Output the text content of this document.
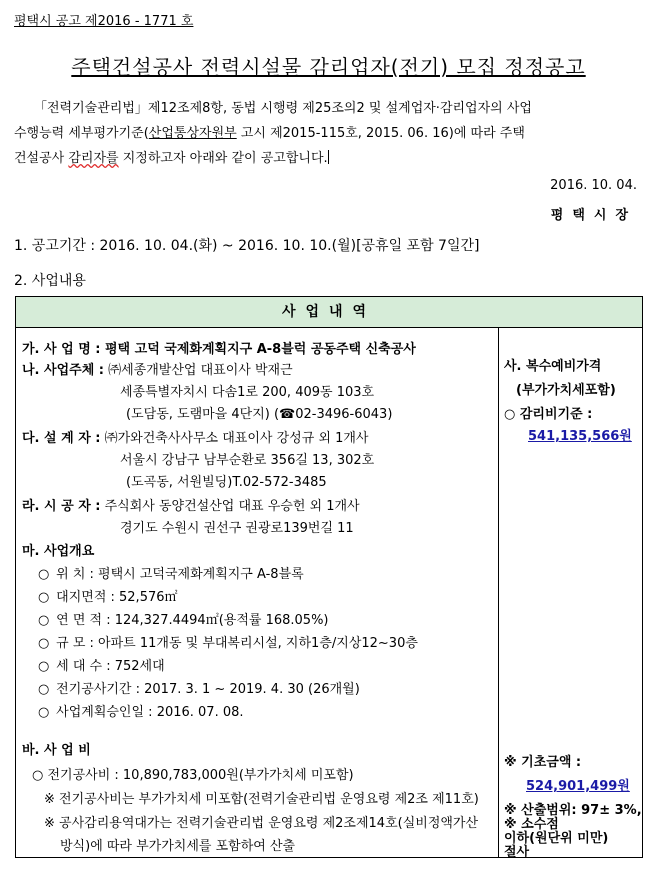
평택시 공고 제2016 - 1771 호
주택건설공사 전력시설물 감리업자(전기) 모집 정정공고
「전력기술관리법」제12조제8항, 동법 시행령 제25조의2 및 설계업자·감리업자의 사업
수행능력 세부평가기준(산업통상자원부 고시 제2015-115호, 2015. 06. 16)에 따라 주택
건설공사 감리자를 지정하고자 아래와 같이 공고합니다.
2016. 10. 04.
평택시장
1. 공고기간 : 2016. 10. 04.(화) ~ 2016. 10. 10.(월)[공휴일 포함 7일간]
2. 사업내용
사업내역
가. 사 업 명 : 평택 고덕 국제화계획지구 A-8블럭 공동주택 신축공사
나. 사업주체 : ㈜세종개발산업 대표이사 박재근
세종특별자치시 다솜1로 200, 409동 103호
(도담동, 도램마을 4단지) (☎02-3496-6043)
다. 설 계 자 : ㈜가와건축사사무소 대표이사 강성규 외 1개사
서울시 강남구 남부순환로 356길 13, 302호
(도곡동, 서원빌딩)T.02-572-3485
라. 시 공 자 : 주식회사 동양건설산업 대표 우승헌 외 1개사
경기도 수원시 권선구 권광로139번길 11
마. 사업개요
○ 위 치 : 평택시 고덕국제화계획지구 A-8블록
○ 대지면적 : 52,576㎡
○ 연 면 적 : 124,327.4494㎡(용적률 168.05%)
○ 규 모 : 아파트 11개동 및 부대복리시설, 지하1층/지상12~30층
○ 세 대 수 : 752세대
○ 전기공사기간 : 2017. 3. 1 ~ 2019. 4. 30 (26개월)
○ 사업계획승인일 : 2016. 07. 08.
바. 사 업 비
○ 전기공사비 : 10,890,783,000원(부가가치세 미포함)
※ 전기공사비는 부가가치세 미포함(전력기술관리법 운영요령 제2조 제11호)
※ 공사감리용역대가는 전력기술관리법 운영요령 제2조제14호(실비정액가산
방식)에 따라 부가가치세를 포함하여 산출
사. 복수예비가격
(부가가치세포함)
○ 감리비기준 :
541,135,566원
※ 기초금액 :
524,901,499원
※ 산출범위: 97± 3%,
※ 소수점
이하(원단위 미만)
절사
